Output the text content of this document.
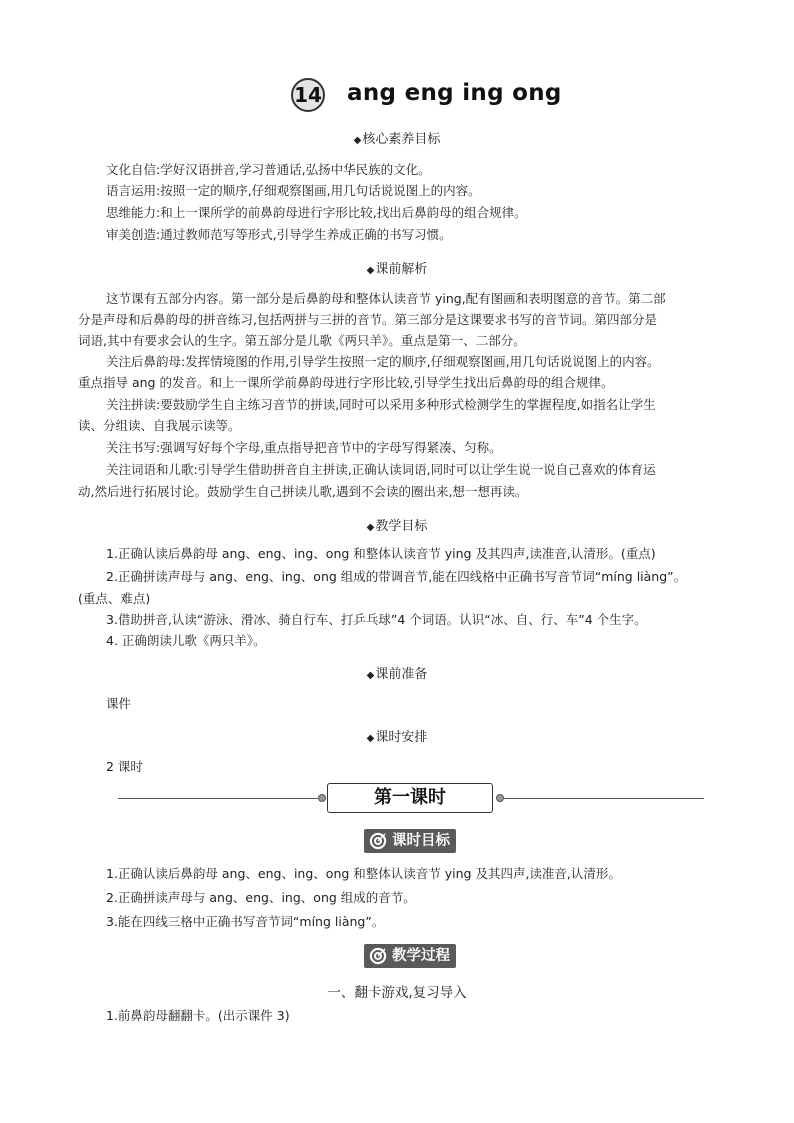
14 ang eng ing ong
◆核心素养目标
文化自信:学好汉语拼音,学习普通话,弘扬中华民族的文化。
语言运用:按照一定的顺序,仔细观察图画,用几句话说说图上的内容。
思维能力:和上一课所学的前鼻韵母进行字形比较,找出后鼻韵母的组合规律。
审美创造:通过教师范写等形式,引导学生养成正确的书写习惯。
◆课前解析
这节课有五部分内容。第一部分是后鼻韵母和整体认读音节 ying,配有图画和表明图意的音节。第二部
分是声母和后鼻韵母的拼音练习,包括两拼与三拼的音节。第三部分是这课要求书写的音节词。第四部分是
词语,其中有要求会认的生字。第五部分是儿歌《两只羊》。重点是第一、二部分。
关注后鼻韵母:发挥情境图的作用,引导学生按照一定的顺序,仔细观察图画,用几句话说说图上的内容。
重点指导 ang 的发音。和上一课所学前鼻韵母进行字形比较,引导学生找出后鼻韵母的组合规律。
关注拼读:要鼓励学生自主练习音节的拼读,同时可以采用多种形式检测学生的掌握程度,如指名让学生
读、分组读、自我展示读等。
关注书写:强调写好每个字母,重点指导把音节中的字母写得紧凑、匀称。
关注词语和儿歌:引导学生借助拼音自主拼读,正确认读词语,同时可以让学生说一说自己喜欢的体育运
动,然后进行拓展讨论。鼓励学生自己拼读儿歌,遇到不会读的圈出来,想一想再读。
◆教学目标
1.正确认读后鼻韵母 ang、eng、ing、ong 和整体认读音节 ying 及其四声,读准音,认清形。(重点)
2.正确拼读声母与 ang、eng、ing、ong 组成的带调音节,能在四线格中正确书写音节词“míng liàng”。
(重点、难点)
3.借助拼音,认读“游泳、滑冰、骑自行车、打乒乓球”4 个词语。认识“冰、自、行、车”4 个生字。
4. 正确朗读儿歌《两只羊》。
◆课前准备
课件
◆课时安排
2 课时
第一课时
课时目标
1.正确认读后鼻韵母 ang、eng、ing、ong 和整体认读音节 ying 及其四声,读准音,认清形。
2.正确拼读声母与 ang、eng、ing、ong 组成的音节。
3.能在四线三格中正确书写音节词“míng liàng”。
教学过程
一、翻卡游戏,复习导入
1.前鼻韵母翻翻卡。(出示课件 3)
